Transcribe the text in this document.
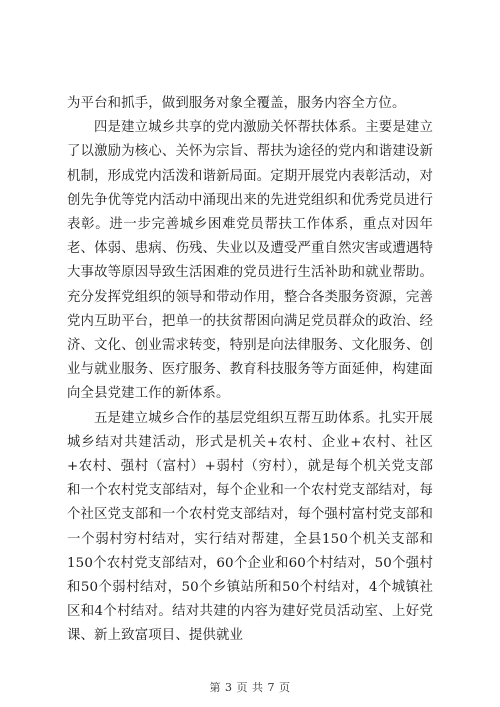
为平台和抓手，做到服务对象全覆盖，服务内容全方位。

四是建立城乡共享的党内激励关怀帮扶体系。主要是建立了以激励为核心、关怀为宗旨、帮扶为途径的党内和谐建设新机制，形成党内活泼和谐新局面。定期开展党内表彰活动，对创先争优等党内活动中涌现出来的先进党组织和优秀党员进行表彰。进一步完善城乡困难党员帮扶工作体系，重点对因年老、体弱、患病、伤残、失业以及遭受严重自然灾害或遭遇特大事故等原因导致生活困难的党员进行生活补助和就业帮助。充分发挥党组织的领导和带动作用，整合各类服务资源，完善党内互助平台，把单一的扶贫帮困向满足党员群众的政治、经济、文化、创业需求转变，特别是向法律服务、文化服务、创业与就业服务、医疗服务、教育科技服务等方面延伸，构建面向全县党建工作的新体系。

五是建立城乡合作的基层党组织互帮互助体系。扎实开展城乡结对共建活动，形式是机关+农村、企业+农村、社区+农村、强村（富村）+弱村（穷村），就是每个机关党支部和一个农村党支部结对，每个企业和一个农村党支部结对，每个社区党支部和一个农村党支部结对，每个强村富村党支部和一个弱村穷村结对，实行结对帮建，全县150个机关支部和150个农村党支部结对，60个企业和60个村结对，50个强村和50个弱村结对，50个乡镇站所和50个村结对，4个城镇社区和4个村结对。结对共建的内容为建好党员活动室、上好党课、新上致富项目、提供就业

第 3 页 共 7 页
